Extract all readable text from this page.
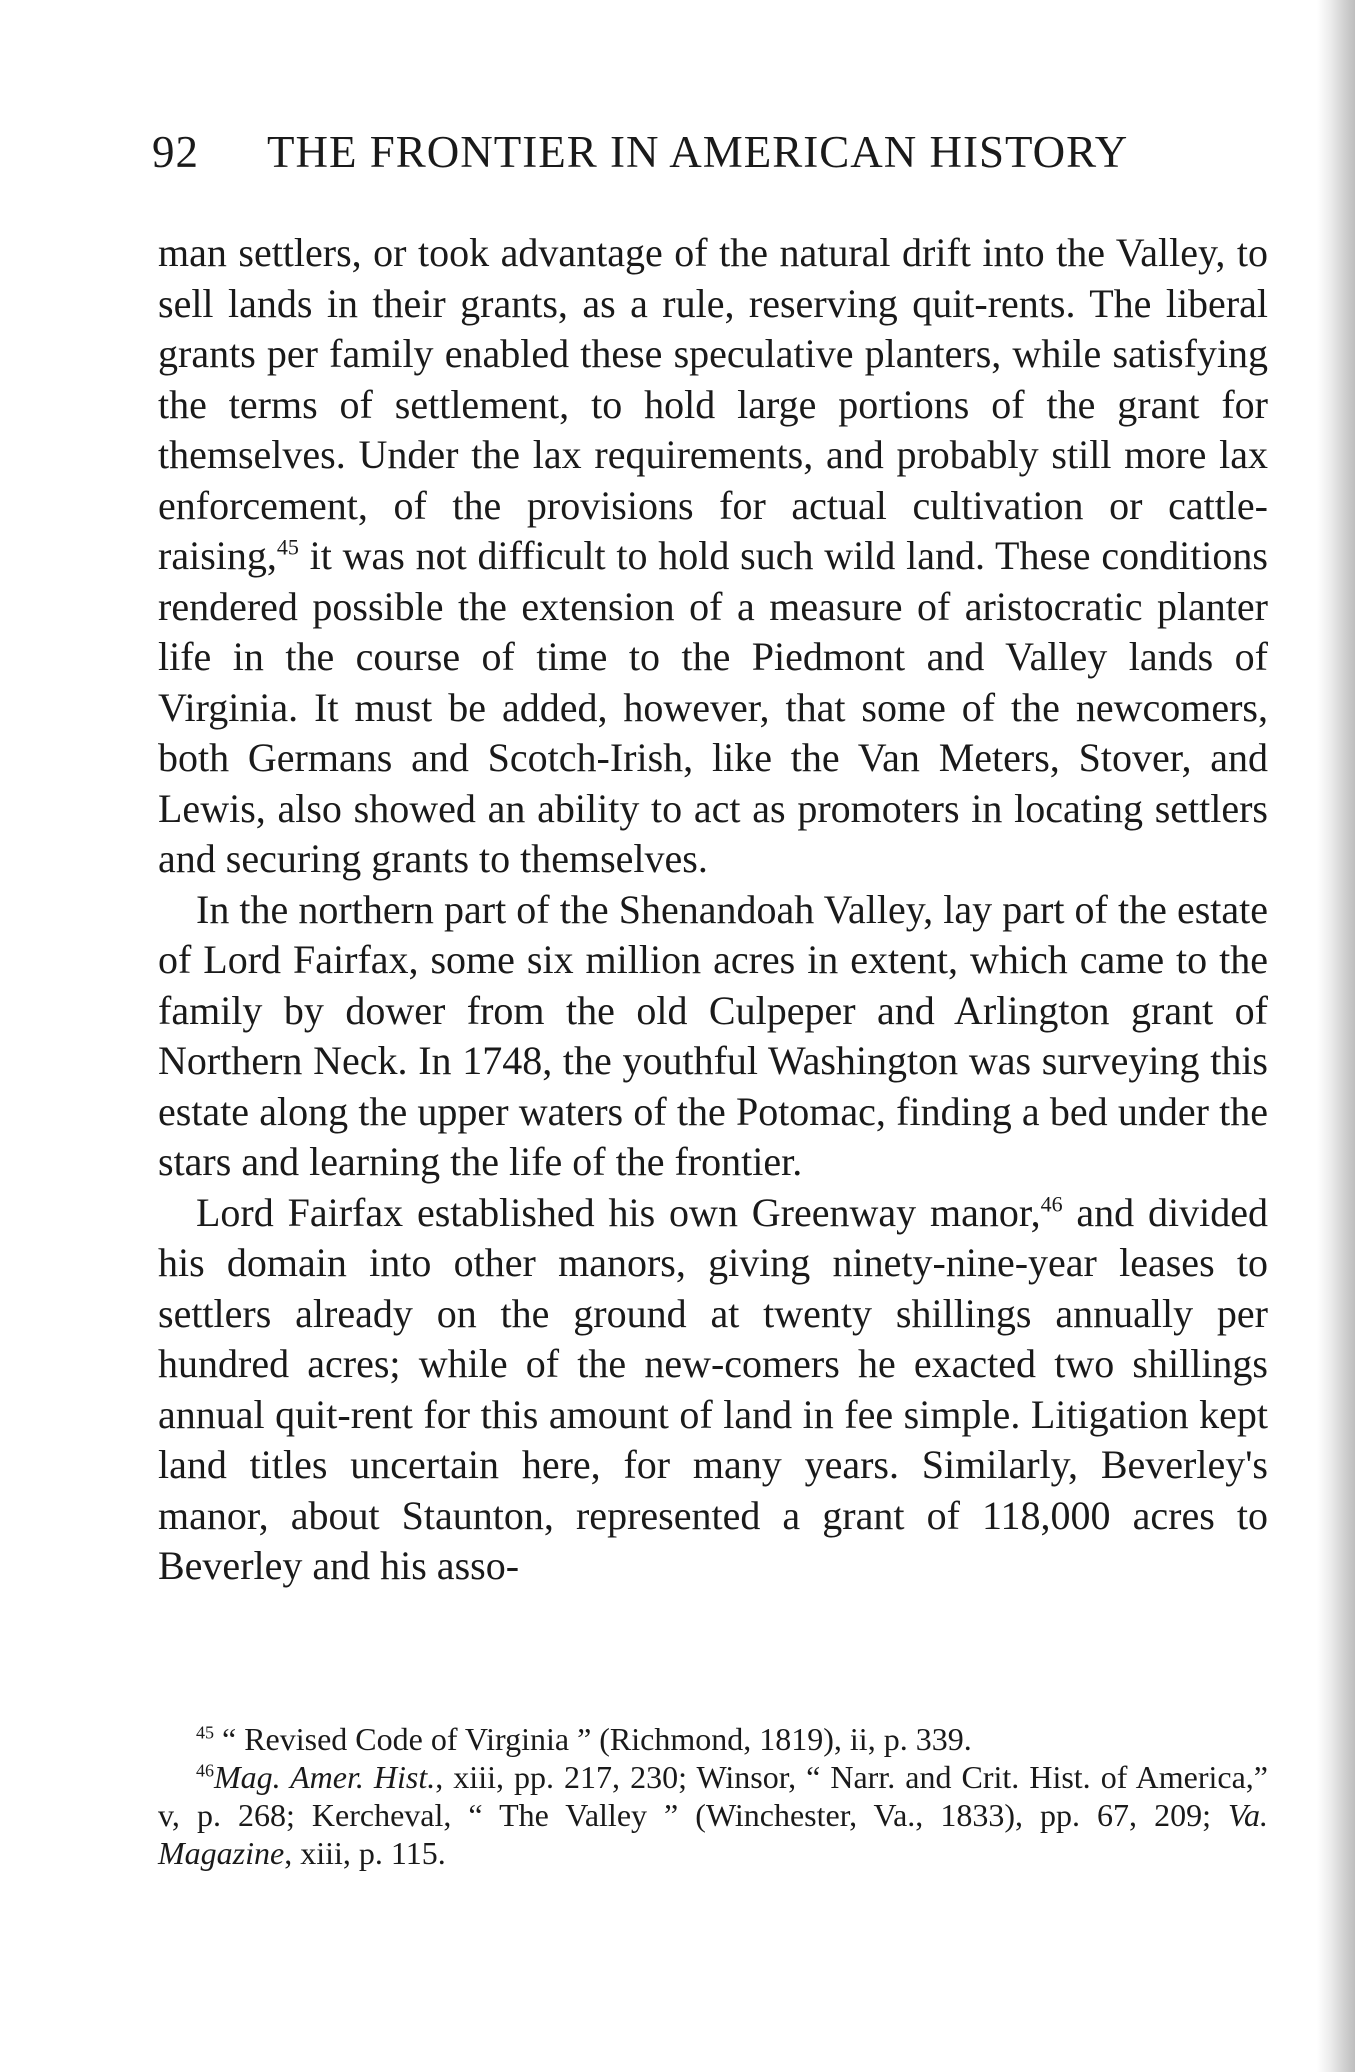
92 THE FRONTIER IN AMERICAN HISTORY

man settlers, or took advantage of the natural drift into the Valley, to sell lands in their grants, as a rule, reserving quit-rents. The liberal grants per family enabled these speculative planters, while satisfying the terms of settlement, to hold large portions of the grant for themselves. Under the lax requirements, and probably still more lax enforcement, of the provisions for actual cultivation or cattle-raising,$^{45}$ it was not difficult to hold such wild land. These conditions rendered possible the extension of a measure of aristocratic planter life in the course of time to the Piedmont and Valley lands of Virginia. It must be added, however, that some of the newcomers, both Germans and Scotch-Irish, like the Van Meters, Stover, and Lewis, also showed an ability to act as promoters in locating settlers and securing grants to themselves.

In the northern part of the Shenandoah Valley, lay part of the estate of Lord Fairfax, some six million acres in extent, which came to the family by dower from the old Culpeper and Arlington grant of Northern Neck. In 1748, the youthful Washington was surveying this estate along the upper waters of the Potomac, finding a bed under the stars and learning the life of the frontier.

Lord Fairfax established his own Greenway manor,$^{46}$ and divided his domain into other manors, giving ninety-nine-year leases to settlers already on the ground at twenty shillings annually per hundred acres; while of the new-comers he exacted two shillings annual quit-rent for this amount of land in fee simple. Litigation kept land titles uncertain here, for many years. Similarly, Beverley's manor, about Staunton, represented a grant of 118,000 acres to Beverley and his asso-

$^{45}$ “ Revised Code of Virginia ” (Richmond, 1819), ii, p. 339.

$^{46}$Mag. Amer. Hist., xiii, pp. 217, 230; Winsor, “ Narr. and Crit. Hist. of America,” v, p. 268; Kercheval, “ The Valley ” (Winchester, Va., 1833), pp. 67, 209; Va. Magazine, xiii, p. 115.
